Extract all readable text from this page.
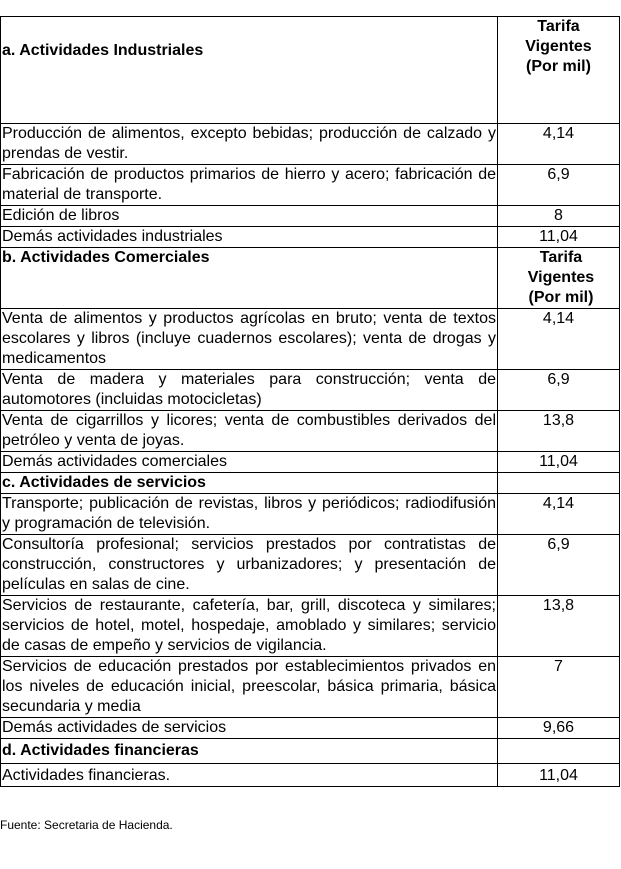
a. Actividades Industriales	Tarifa
Vigentes
(Por mil)

Producción de alimentos, excepto bebidas; producción de calzado y prendas de vestir.	4,14
Fabricación de productos primarios de hierro y acero; fabricación de material de transporte.	6,9
Edición de libros	8
Demás actividades industriales	11,04
b. Actividades Comerciales	Tarifa
Vigentes
(Por mil)

Venta de alimentos y productos agrícolas en bruto; venta de textos escolares y libros (incluye cuadernos escolares); venta de drogas y medicamentos	4,14
Venta de madera y materiales para construcción; venta de automotores (incluidas motocicletas)	6,9
Venta de cigarrillos y licores; venta de combustibles derivados del petróleo y venta de joyas.	13,8
Demás actividades comerciales	11,04
c. Actividades de servicios	
Transporte; publicación de revistas, libros y periódicos; radiodifusión y programación de televisión.	4,14
Consultoría profesional; servicios prestados por contratistas de construcción, constructores y urbanizadores; y presentación de películas en salas de cine.	6,9
Servicios de restaurante, cafetería, bar, grill, discoteca y similares; servicios de hotel, motel, hospedaje, amoblado y similares; servicio de casas de empeño y servicios de vigilancia.	13,8
Servicios de educación prestados por establecimientos privados en los niveles de educación inicial, preescolar, básica primaria, básica secundaria y media	7
Demás actividades de servicios	9,66
d. Actividades financieras	
Actividades financieras.	11,04
Fuente: Secretaria de Hacienda.
